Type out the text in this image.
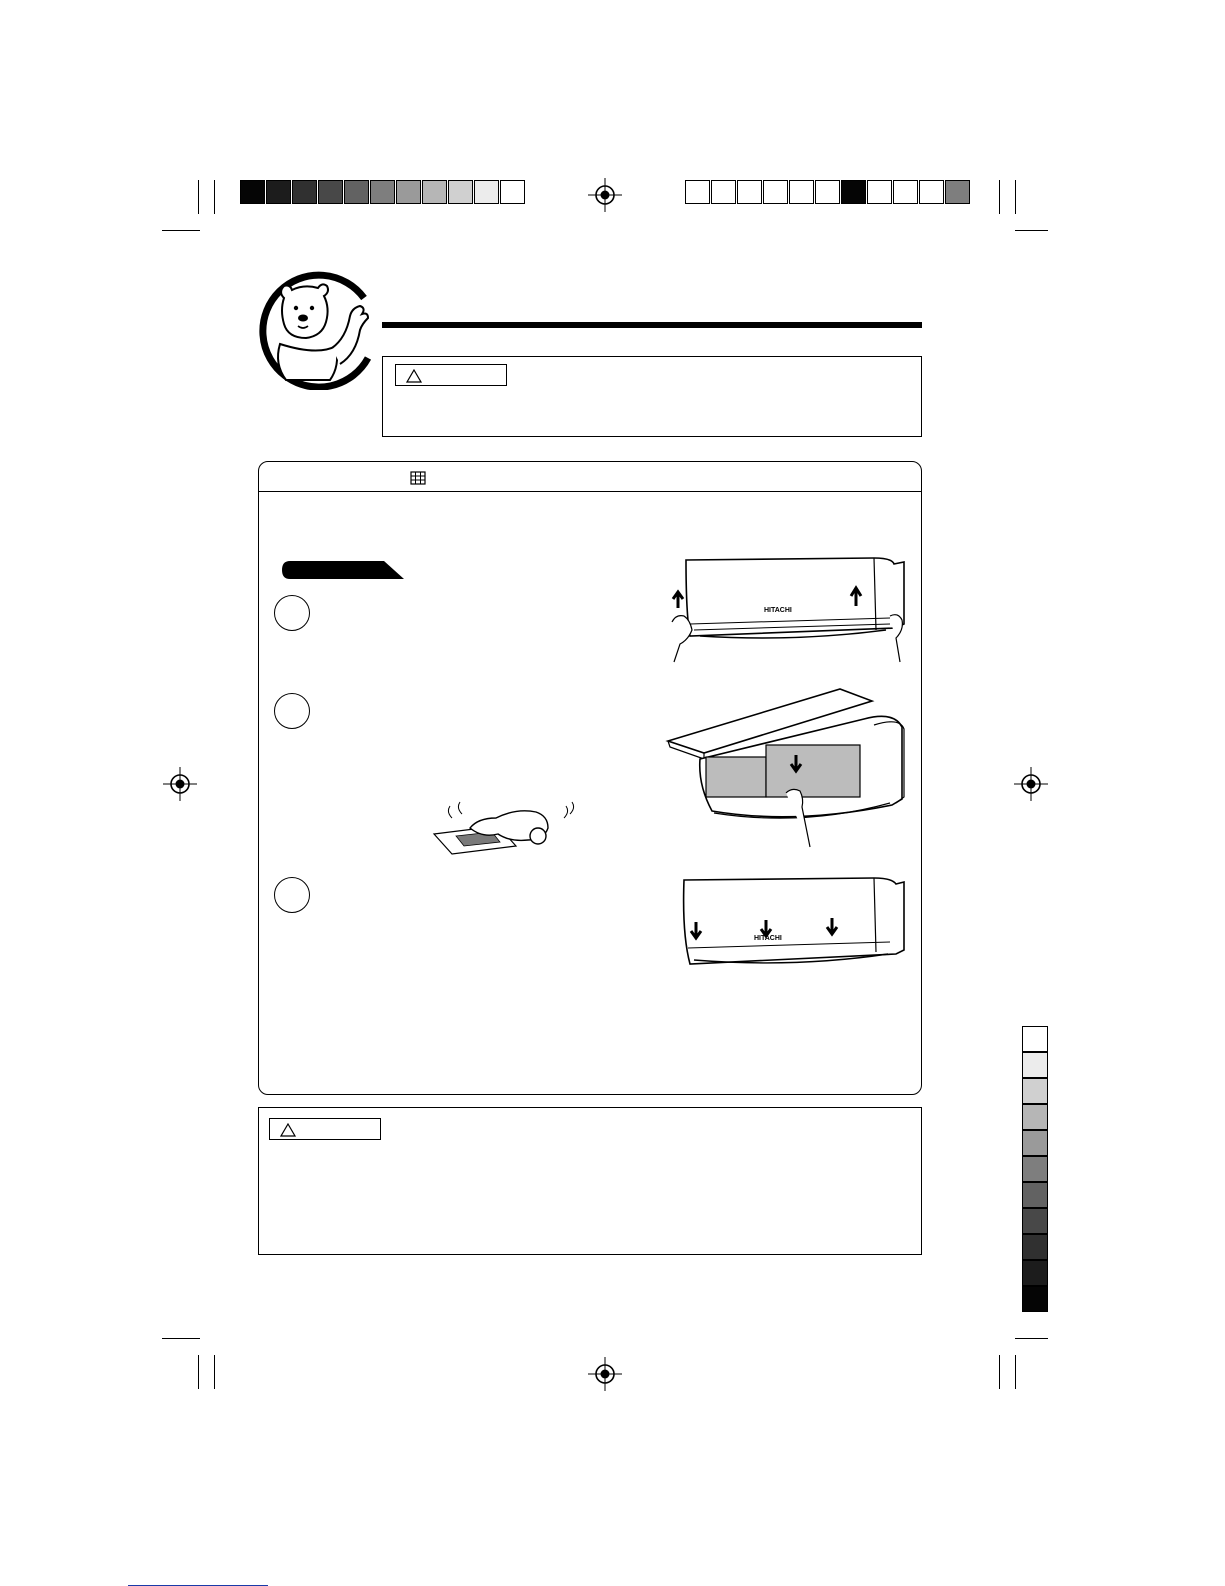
HITACHI
HITACHI
